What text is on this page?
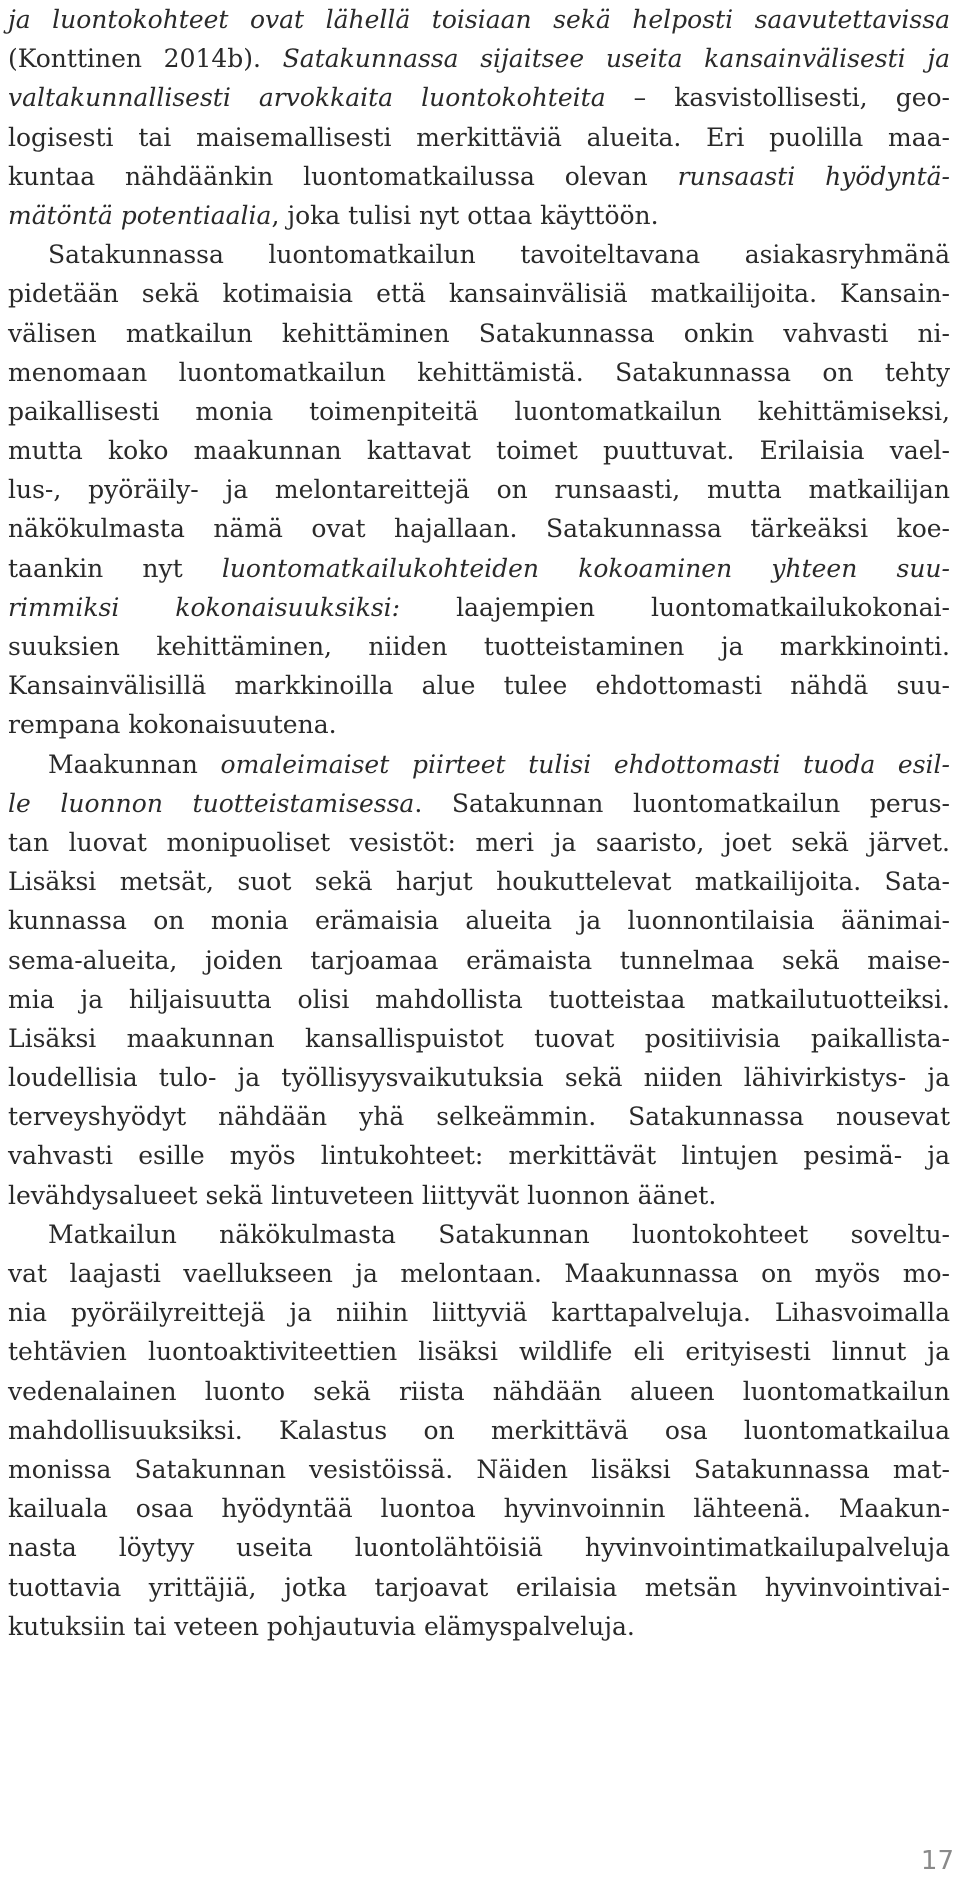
ja luontokohteet ovat lähellä toisiaan sekä helposti saavutettavissa
(Konttinen 2014b). Satakunnassa sijaitsee useita kansainvälisesti ja
valtakunnallisesti arvokkaita luontokohteita – kasvistollisesti, geo-
logisesti tai maisemallisesti merkittäviä alueita. Eri puolilla maa-
kuntaa nähdäänkin luontomatkailussa olevan runsaasti hyödyntä-
mätöntä potentiaalia, joka tulisi nyt ottaa käyttöön.
Satakunnassa luontomatkailun tavoiteltavana asiakasryhmänä
pidetään sekä kotimaisia että kansainvälisiä matkailijoita. Kansain-
välisen matkailun kehittäminen Satakunnassa onkin vahvasti ni-
menomaan luontomatkailun kehittämistä. Satakunnassa on tehty
paikallisesti monia toimenpiteitä luontomatkailun kehittämiseksi,
mutta koko maakunnan kattavat toimet puuttuvat. Erilaisia vael-
lus-, pyöräily- ja melontareittejä on runsaasti, mutta matkailijan
näkökulmasta nämä ovat hajallaan. Satakunnassa tärkeäksi koe-
taankin nyt luontomatkailukohteiden kokoaminen yhteen suu-
rimmiksi kokonaisuuksiksi: laajempien luontomatkailukokonai-
suuksien kehittäminen, niiden tuotteistaminen ja markkinointi.
Kansainvälisillä markkinoilla alue tulee ehdottomasti nähdä suu-
rempana kokonaisuutena.
Maakunnan omaleimaiset piirteet tulisi ehdottomasti tuoda esil-
le luonnon tuotteistamisessa. Satakunnan luontomatkailun perus-
tan luovat monipuoliset vesistöt: meri ja saaristo, joet sekä järvet.
Lisäksi metsät, suot sekä harjut houkuttelevat matkailijoita. Sata-
kunnassa on monia erämaisia alueita ja luonnontilaisia äänimai-
sema-alueita, joiden tarjoamaa erämaista tunnelmaa sekä maise-
mia ja hiljaisuutta olisi mahdollista tuotteistaa matkailutuotteiksi.
Lisäksi maakunnan kansallispuistot tuovat positiivisia paikallista-
loudellisia tulo- ja työllisyysvaikutuksia sekä niiden lähivirkistys- ja
terveyshyödyt nähdään yhä selkeämmin. Satakunnassa nousevat
vahvasti esille myös lintukohteet: merkittävät lintujen pesimä- ja
levähdysalueet sekä lintuveteen liittyvät luonnon äänet.
Matkailun näkökulmasta Satakunnan luontokohteet soveltu-
vat laajasti vaellukseen ja melontaan. Maakunnassa on myös mo-
nia pyöräilyreittejä ja niihin liittyviä karttapalveluja. Lihasvoimalla
tehtävien luontoaktiviteettien lisäksi wildlife eli erityisesti linnut ja
vedenalainen luonto sekä riista nähdään alueen luontomatkailun
mahdollisuuksiksi. Kalastus on merkittävä osa luontomatkailua
monissa Satakunnan vesistöissä. Näiden lisäksi Satakunnassa mat-
kailuala osaa hyödyntää luontoa hyvinvoinnin lähteenä. Maakun-
nasta löytyy useita luontolähtöisiä hyvinvointimatkailupalveluja
tuottavia yrittäjiä, jotka tarjoavat erilaisia metsän hyvinvointivai-
kutuksiin tai veteen pohjautuvia elämyspalveluja.
17
